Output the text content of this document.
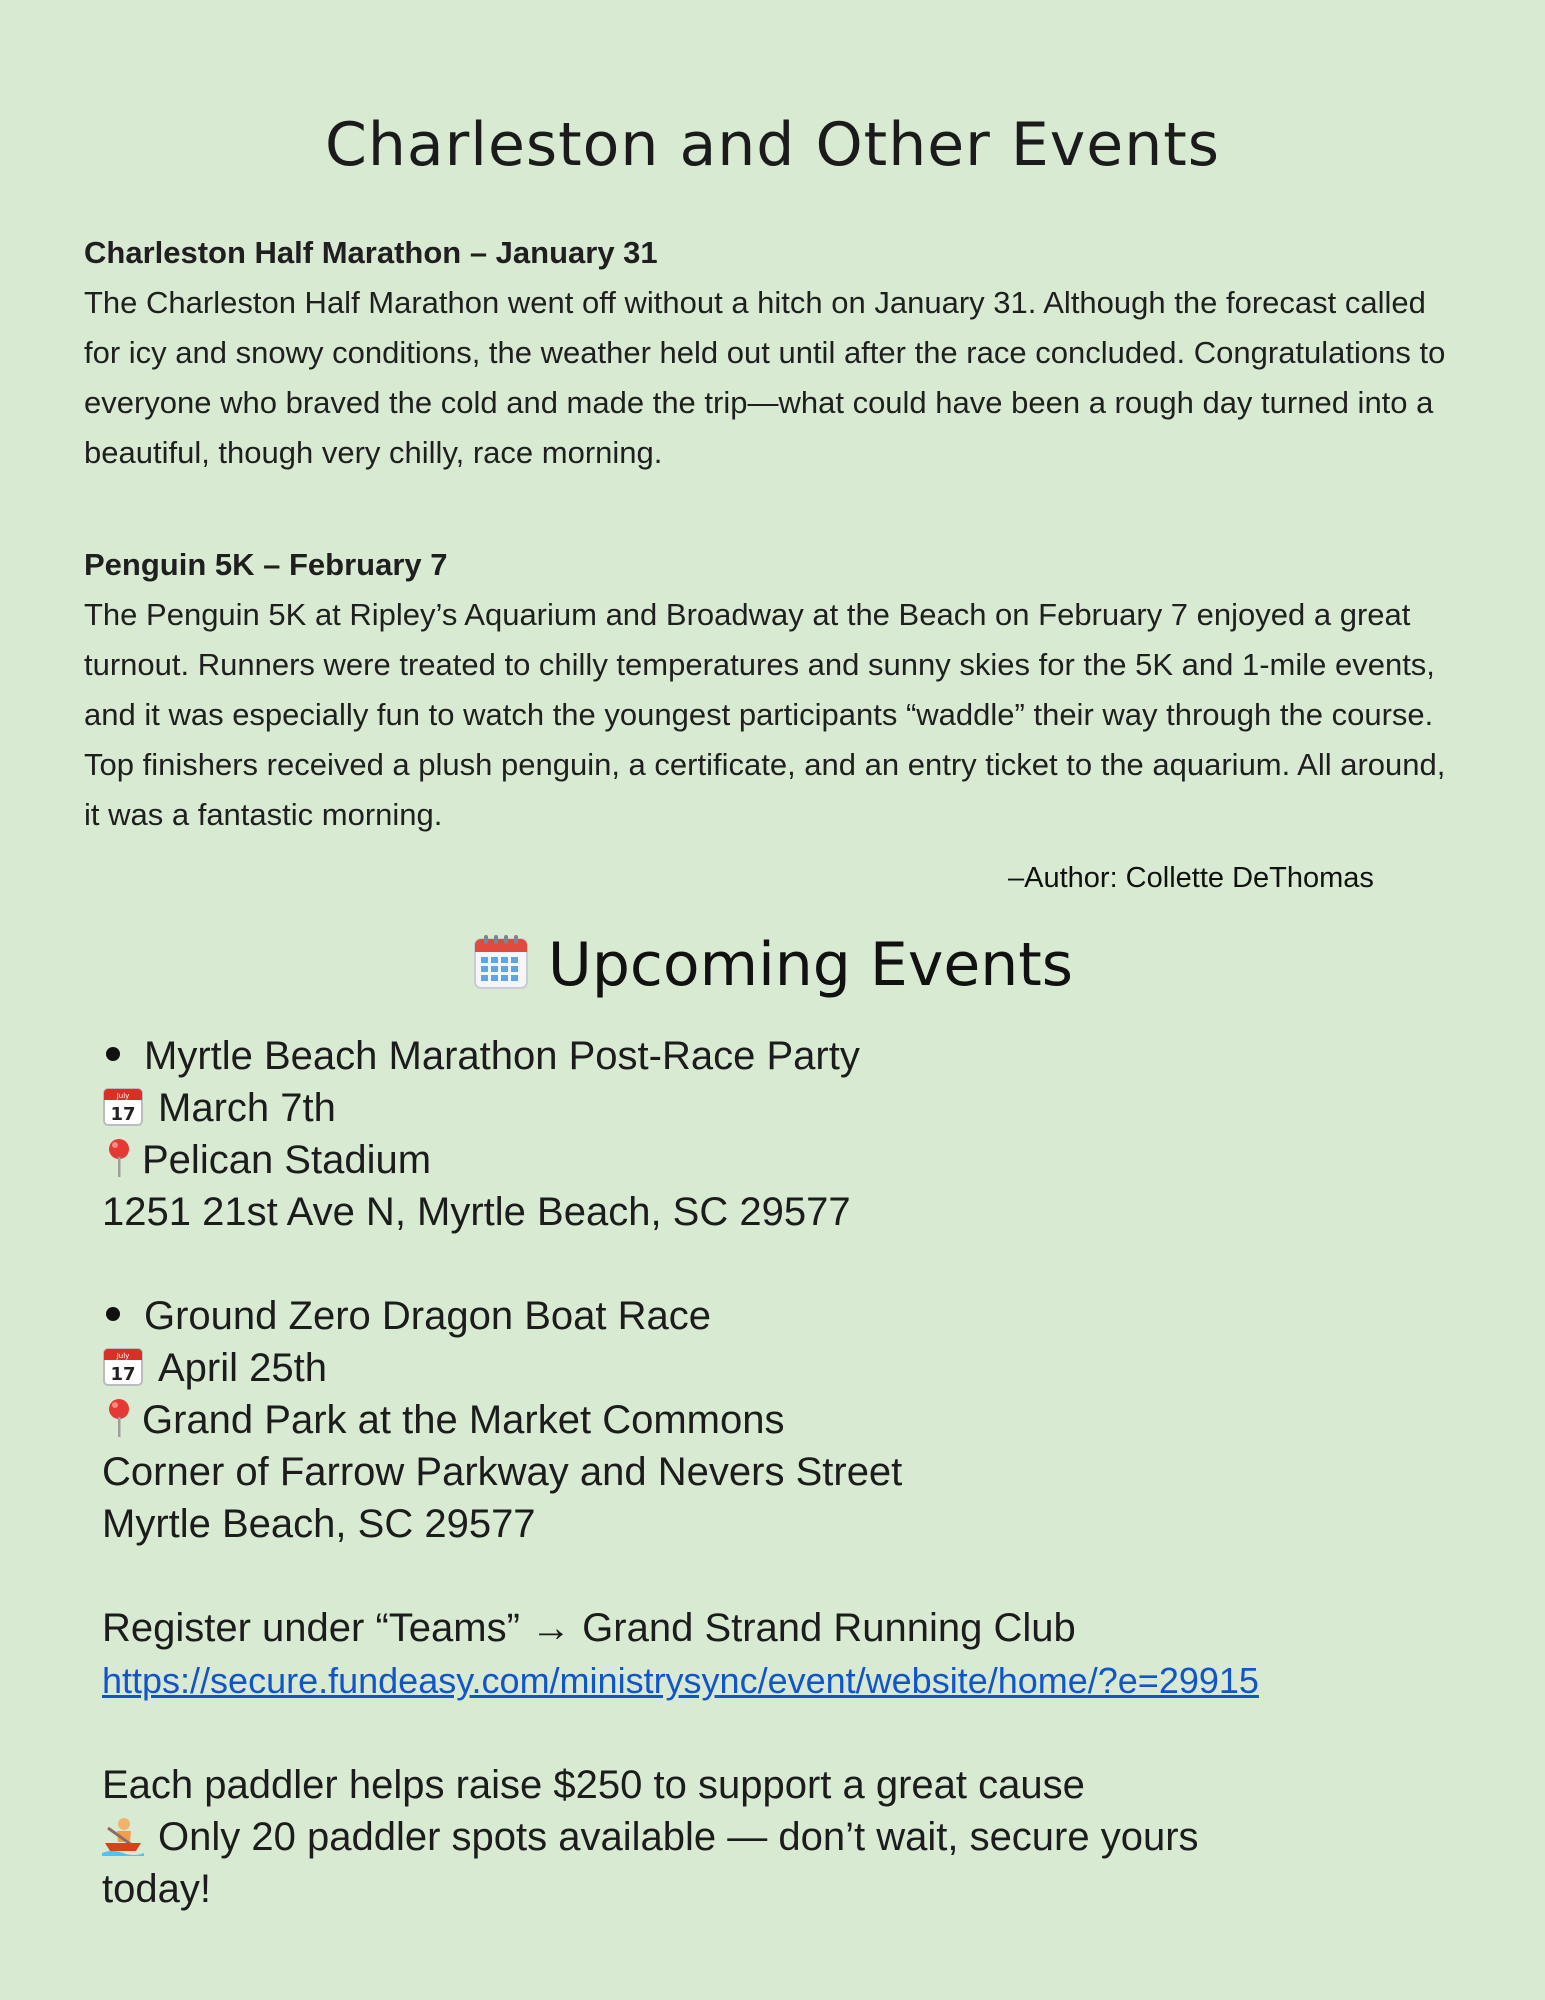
Charleston and Other Events
Charleston Half Marathon – January 31

The Charleston Half Marathon went off without a hitch on January 31. Although the forecast called for icy and snowy conditions, the weather held out until after the race concluded. Congratulations to everyone who braved the cold and made the trip—what could have been a rough day turned into a beautiful, though very chilly, race morning.

Penguin 5K – February 7

The Penguin 5K at Ripley’s Aquarium and Broadway at the Beach on February 7 enjoyed a great turnout. Runners were treated to chilly temperatures and sunny skies for the 5K and 1-mile events, and it was especially fun to watch the youngest participants “waddle” their way through the course.

Top finishers received a plush penguin, a certificate, and an entry ticket to the aquarium. All around, it was a fantastic morning.

–Author: Collette DeThomas
Upcoming Events
Myrtle Beach Marathon Post-Race Party
July
17 March 7th
Pelican Stadium
1251 21st Ave N, Myrtle Beach, SC 29577
Ground Zero Dragon Boat Race
July
17 April 25th
Grand Park at the Market Commons
Corner of Farrow Parkway and Nevers Street
Myrtle Beach, SC 29577
Register under “Teams” → Grand Strand Running Club
https://secure.fundeasy.com/ministrysync/event/website/home/?e=29915
Each paddler helps raise $250 to support a great cause
Only 20 paddler spots available — don’t wait, secure yours
today!
